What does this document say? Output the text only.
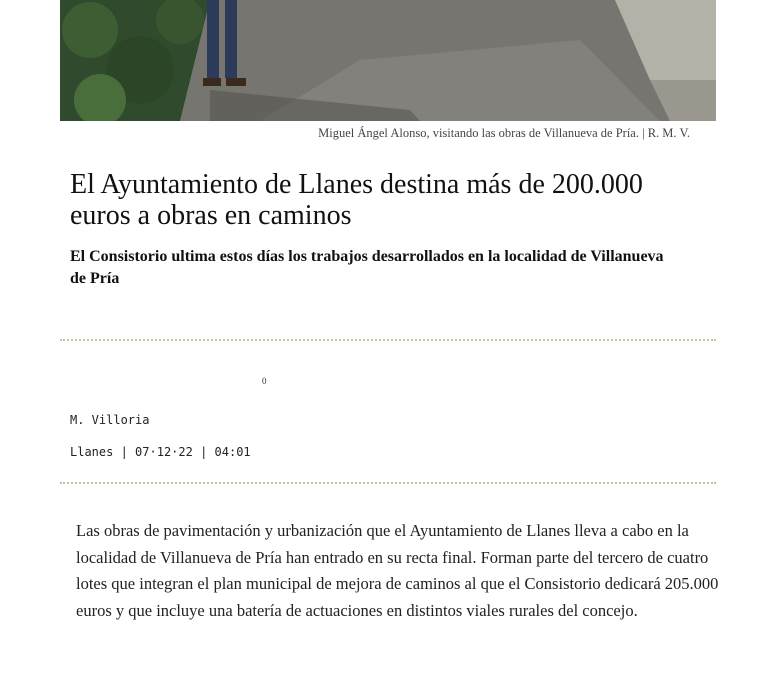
Miguel Ángel Alonso, visitando las obras de Villanueva de Pría. | R. M. V.
El Ayuntamiento de Llanes destina más de 200.000 euros a obras en caminos
El Consistorio ultima estos días los trabajos desarrollados en la localidad de Villanueva de Pría
0
M. Villoria
Llanes | 07·12·22 | 04:01

Las obras de pavimentación y urbanización que el Ayuntamiento de Llanes lleva a cabo en la localidad de Villanueva de Pría han entrado en su recta final. Forman parte del tercero de cuatro lotes que integran el plan municipal de mejora de caminos al que el Consistorio dedicará 205.000 euros y que incluye una batería de actuaciones en distintos viales rurales del concejo.
